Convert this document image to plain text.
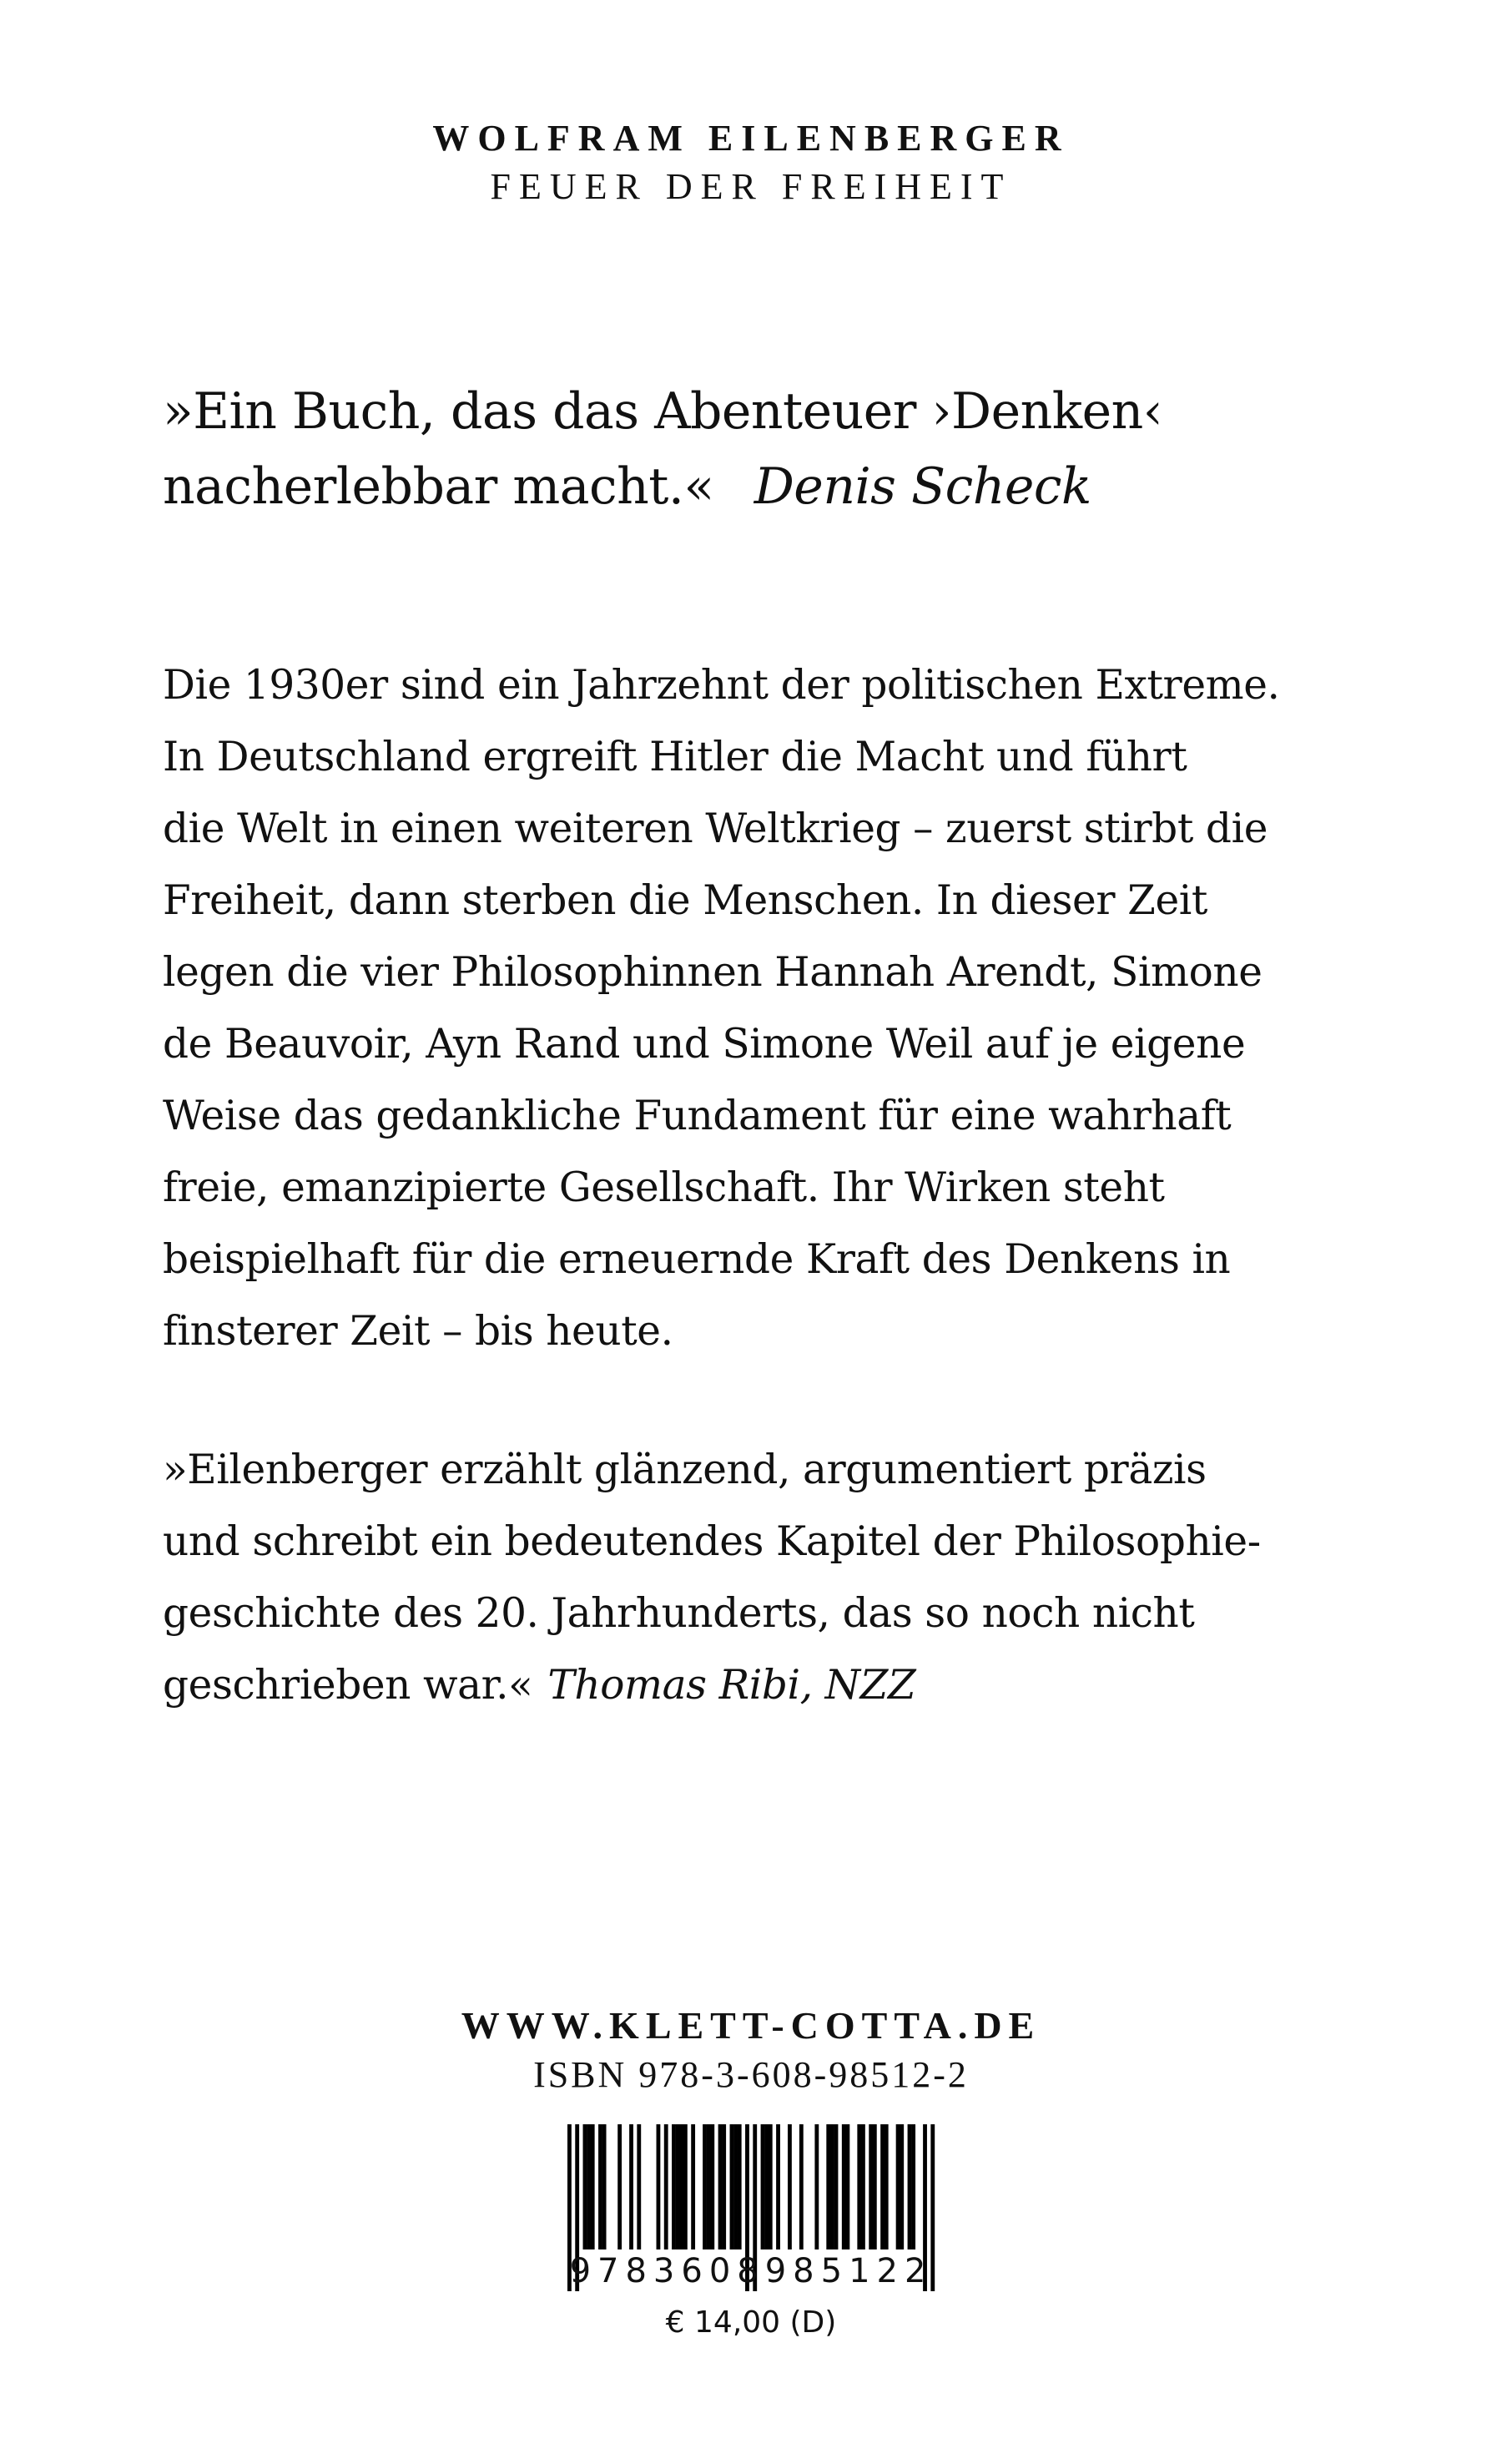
WOLFRAM EILENBERGER
FEUER DER FREIHEIT
»Ein Buch, das das Abenteuer ›Denken‹
nacherlebbar macht.« Denis Scheck
Die 1930er sind ein Jahrzehnt der politischen Extreme.
In Deutschland ergreift Hitler die Macht und führt
die Welt in einen weiteren Weltkrieg – zuerst stirbt die
Freiheit, dann sterben die Menschen. In dieser Zeit
legen die vier Philosophinnen Hannah Arendt, Simone
de Beauvoir, Ayn Rand und Simone Weil auf je eigene
Weise das gedankliche Fundament für eine wahrhaft
freie, emanzipierte Gesellschaft. Ihr Wirken steht
beispielhaft für die erneuernde Kraft des Denkens in
finsterer Zeit – bis heute.
»Eilenberger erzählt glänzend, argumentiert präzis
und schreibt ein bedeutendes Kapitel der Philosophie-
geschichte des 20. Jahrhunderts, das so noch nicht
geschrieben war.« Thomas Ribi, NZZ
WWW.KLETT-COTTA.DE
ISBN 978-3-608-98512-2
9783608985122
€ 14,00 (D)
